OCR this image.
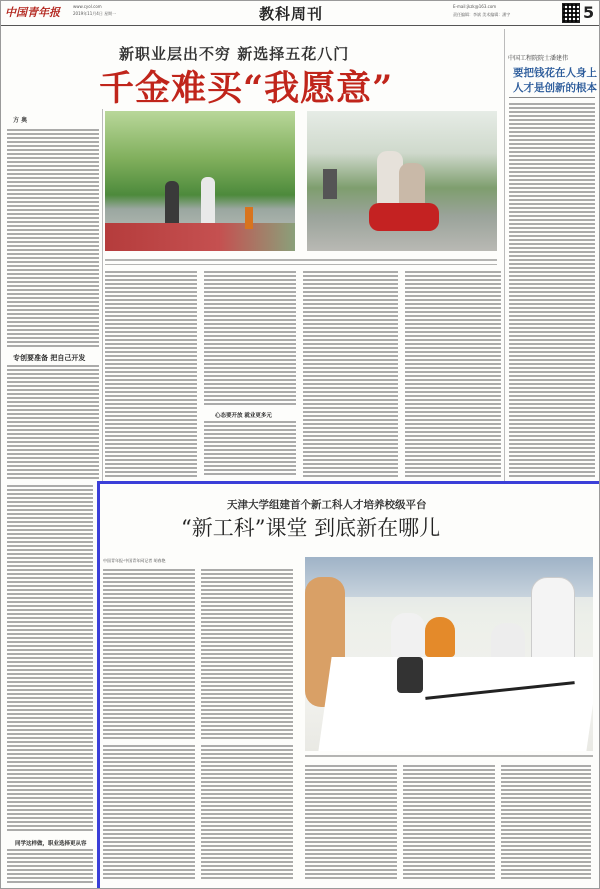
中国青年报	www.cyol.com
2019年11月4日 星期一	教科周刊	E-mail:jkzk@163.com
责任编辑：李斌 美术编辑：潘宇	5
新职业层出不穷 新选择五花八门
千金难买“我愿意”
方 奥
专创要准备 把自己开发
同学这样做，职业选择更从容
心态要开放 就业更多元
中国工程院院士潘建伟
要把钱花在人身上
人才是创新的根本
天津大学组建首个新工科人才培养校级平台
“新工科”课堂 到底新在哪儿
中国青年报·中国青年网记者 胡春艳
